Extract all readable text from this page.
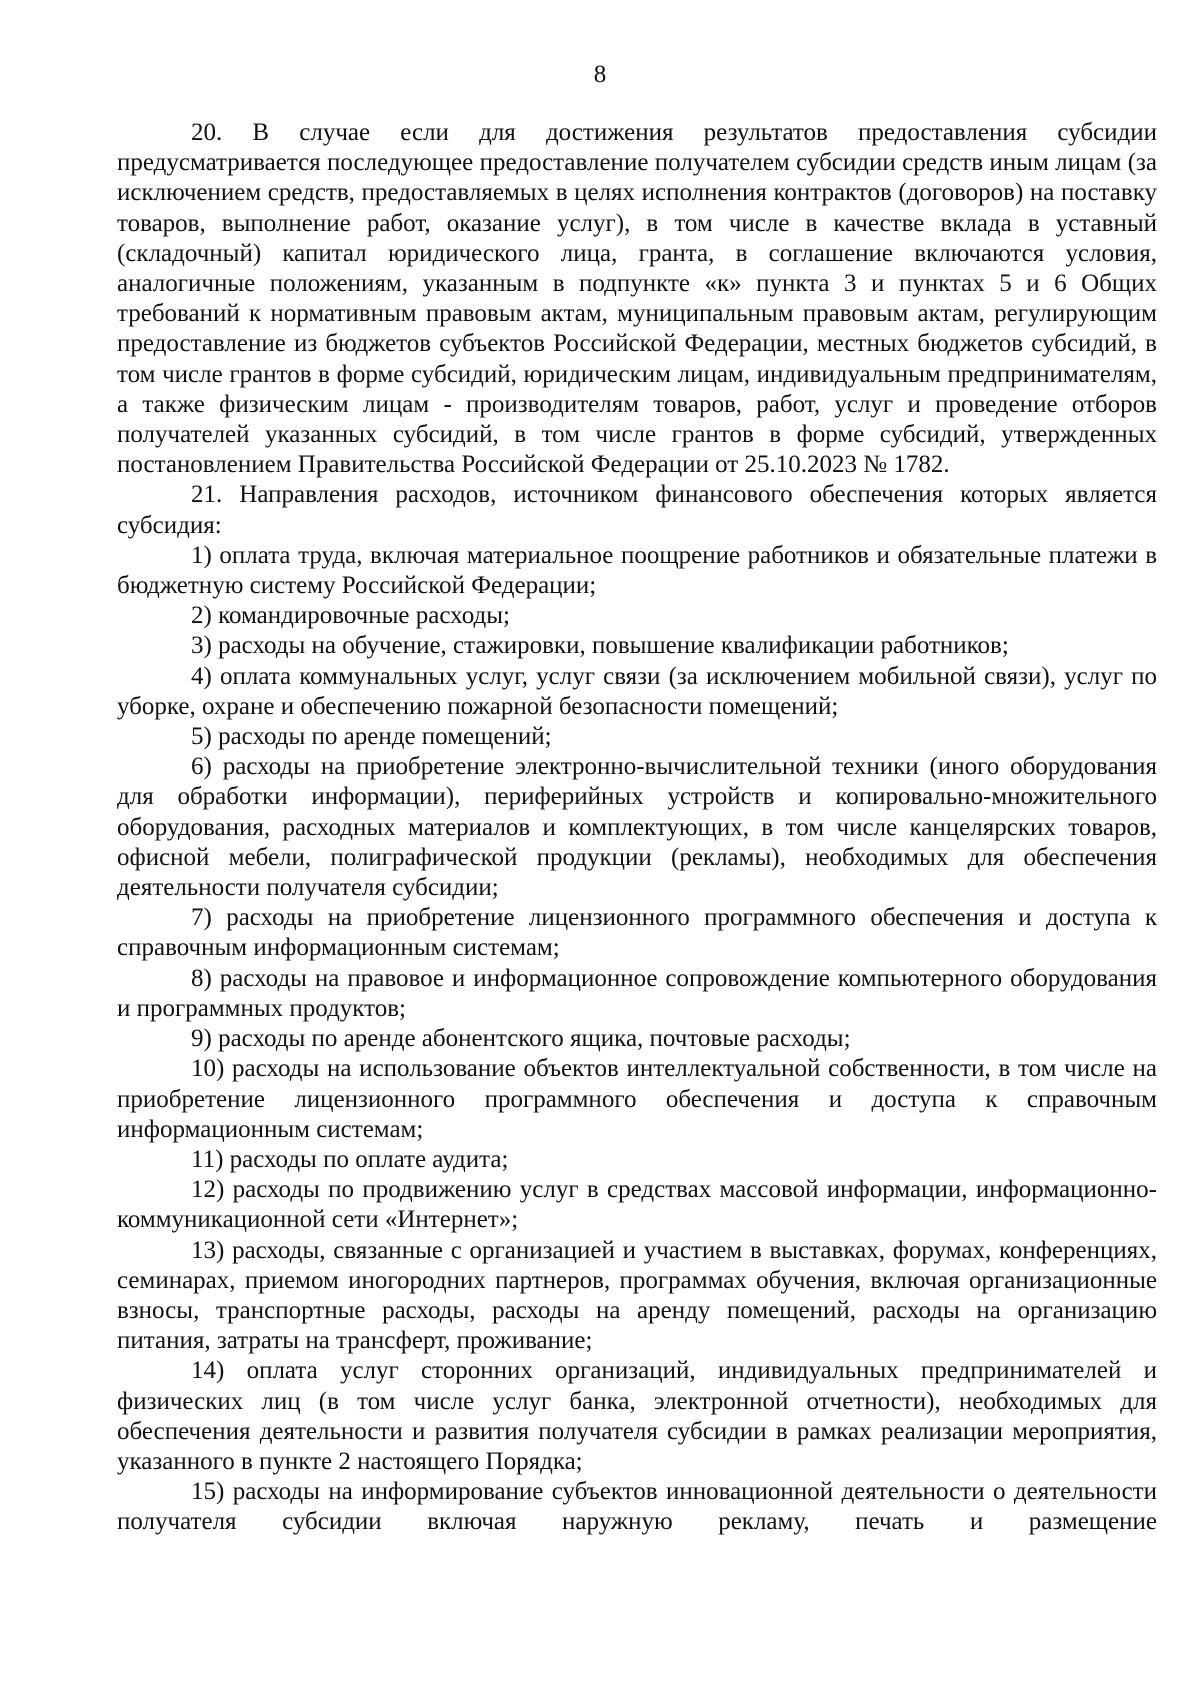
8

20. В случае если для достижения результатов предоставления субсидии предусматривается последующее предоставление получателем субсидии средств иным лицам (за исключением средств, предоставляемых в целях исполнения контрактов (договоров) на поставку товаров, выполнение работ, оказание услуг), в том числе в качестве вклада в уставный (складочный) капитал юридического лица, гранта, в соглашение включаются условия, аналогичные положениям, указанным в подпункте «к» пункта 3 и пунктах 5 и 6 Общих требований к нормативным правовым актам, муниципальным правовым актам, регулирующим предоставление из бюджетов субъектов Российской Федерации, местных бюджетов субсидий, в том числе грантов в форме субсидий, юридическим лицам, индивидуальным предпринимателям, а также физическим лицам - производителям товаров, работ, услуг и проведение отборов получателей указанных субсидий, в том числе грантов в форме субсидий, утвержденных постановлением Правительства Российской Федерации от 25.10.2023 № 1782.

21. Направления расходов, источником финансового обеспечения которых является субсидия:

1) оплата труда, включая материальное поощрение работников и обязательные платежи в бюджетную систему Российской Федерации;

2) командировочные расходы;

3) расходы на обучение, стажировки, повышение квалификации работников;

4) оплата коммунальных услуг, услуг связи (за исключением мобильной связи), услуг по уборке, охране и обеспечению пожарной безопасности помещений;

5) расходы по аренде помещений;

6) расходы на приобретение электронно-вычислительной техники (иного оборудования для обработки информации), периферийных устройств и копировально-множительного оборудования, расходных материалов и комплектующих, в том числе канцелярских товаров, офисной мебели, полиграфической продукции (рекламы), необходимых для обеспечения деятельности получателя субсидии;

7) расходы на приобретение лицензионного программного обеспечения и доступа к справочным информационным системам;

8) расходы на правовое и информационное сопровождение компьютерного оборудования и программных продуктов;

9) расходы по аренде абонентского ящика, почтовые расходы;

10) расходы на использование объектов интеллектуальной собственности, в том числе на приобретение лицензионного программного обеспечения и доступа к справочным информационным системам;

11) расходы по оплате аудита;

12) расходы по продвижению услуг в средствах массовой информации, информационно-коммуникационной сети «Интернет»;

13) расходы, связанные с организацией и участием в выставках, форумах, конференциях, семинарах, приемом иногородних партнеров, программах обучения, включая организационные взносы, транспортные расходы, расходы на аренду помещений, расходы на организацию питания, затраты на трансферт, проживание;

14) оплата услуг сторонних организаций, индивидуальных предпринимателей и физических лиц (в том числе услуг банка, электронной отчетности), необходимых для обеспечения деятельности и развития получателя субсидии в рамках реализации мероприятия, указанного в пункте 2 настоящего Порядка;

15) расходы на информирование субъектов инновационной деятельности о деятельности получателя субсидии включая наружную рекламу, печать и размещение
